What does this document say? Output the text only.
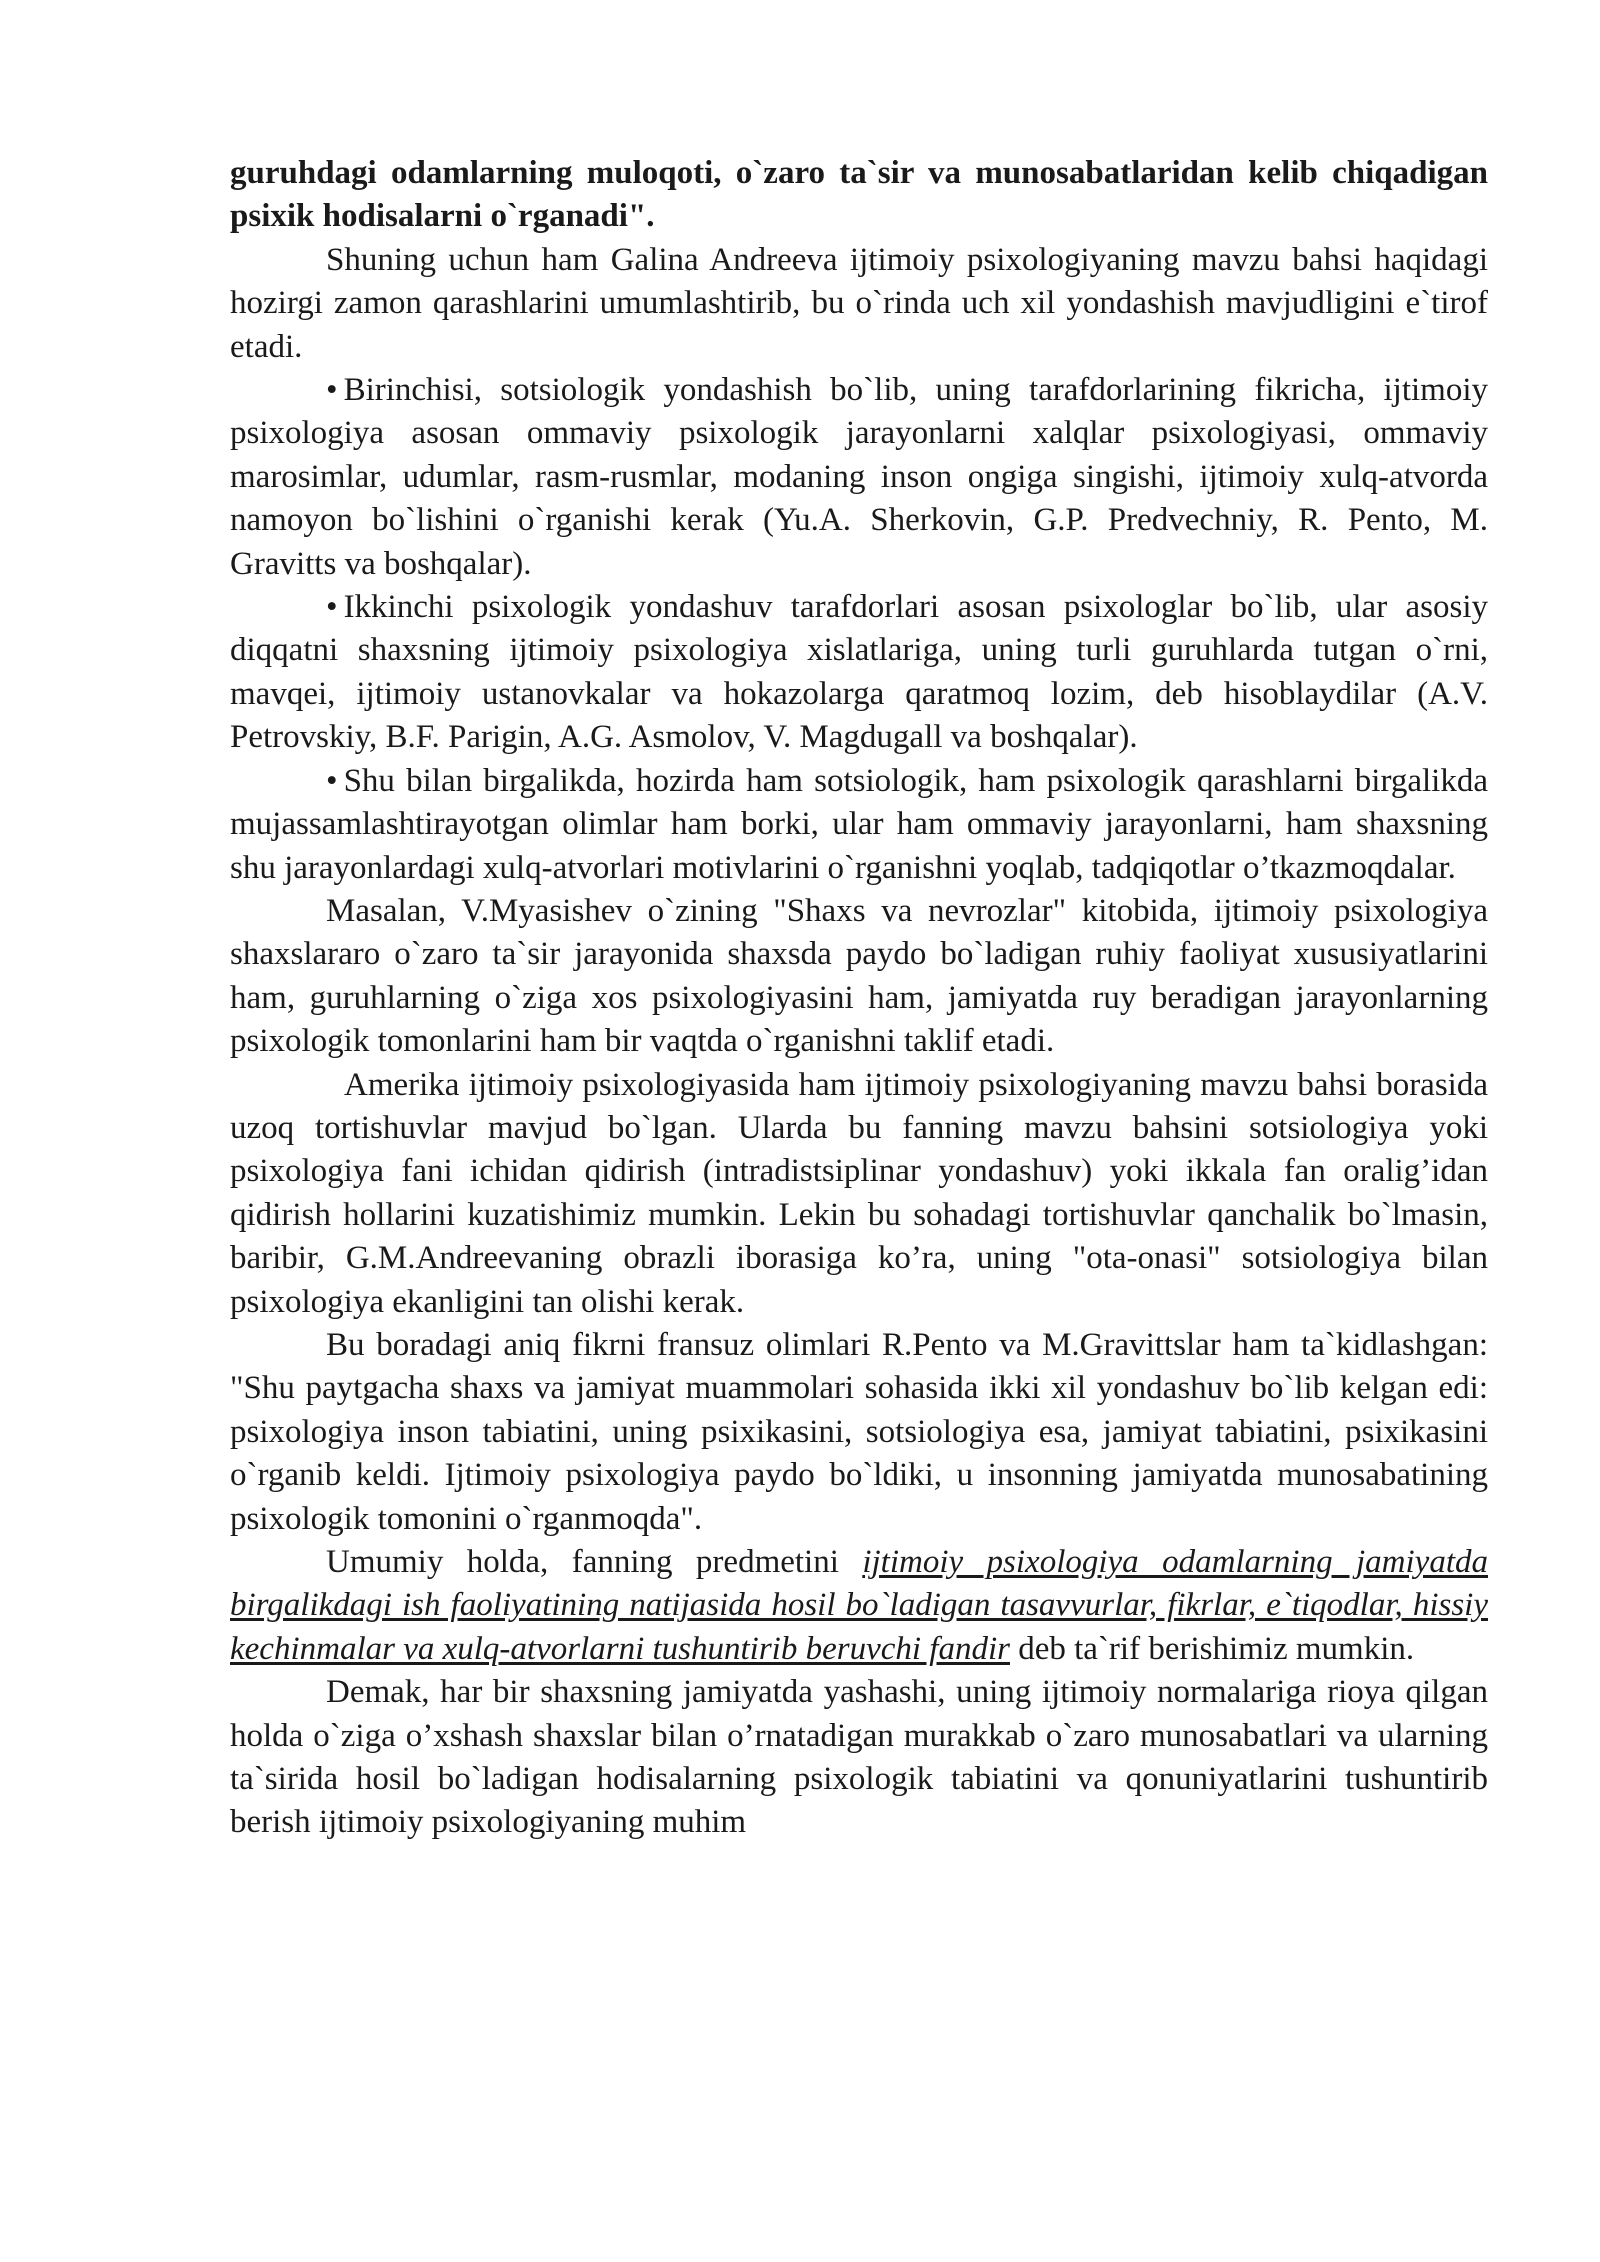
guruhdagi odamlarning muloqoti, o`zaro ta`sir va munosabatlaridan kelib chiqadigan psixik hodisalarni o`rganadi".

Shuning uchun ham Galina Andreeva ijtimoiy psixologiyaning mavzu bahsi haqidagi hozirgi zamon qarashlarini umumlashtirib, bu o`rinda uch xil yondashish mavjudligini e`tirof etadi.

• Birinchisi, sotsiologik yondashish bo`lib, uning tarafdorlarining fikricha, ijtimoiy psixologiya asosan ommaviy psixologik jarayonlarni xalqlar psixologiyasi, ommaviy marosimlar, udumlar, rasm-rusmlar, modaning inson ongiga singishi, ijtimoiy xulq-atvorda namoyon bo`lishini o`rganishi kerak (Yu.A. Sherkovin, G.P. Predvechniy, R. Pento, M. Gravitts va boshqalar).

• Ikkinchi psixologik yondashuv tarafdorlari asosan psixologlar bo`lib, ular asosiy diqqatni shaxsning ijtimoiy psixologiya xislatlariga, uning turli guruhlarda tutgan o`rni, mavqei, ijtimoiy ustanovkalar va hokazolarga qaratmoq lozim, deb hisoblaydilar (A.V. Petrovskiy, B.F. Parigin, A.G. Asmolov, V. Magdugall va boshqalar).

• Shu bilan birgalikda, hozirda ham sotsiologik, ham psixologik qarashlarni birgalikda mujassamlashtirayotgan olimlar ham borki, ular ham ommaviy jarayonlarni, ham shaxsning shu jarayonlardagi xulq-atvorlari motivlarini o`rganishni yoqlab, tadqiqotlar o’tkazmoqdalar.

Masalan, V.Myasishev o`zining "Shaxs va nevrozlar" kitobida, ijtimoiy psixologiya shaxslararo o`zaro ta`sir jarayonida shaxsda paydo bo`ladigan ruhiy faoliyat xususiyatlarini ham, guruhlarning o`ziga xos psixologiyasini ham, jamiyatda ruy beradigan jarayonlarning psixologik tomonlarini ham bir vaqtda o`rganishni taklif etadi.

Amerika ijtimoiy psixologiyasida ham ijtimoiy psixologiyaning mavzu bahsi borasida uzoq tortishuvlar mavjud bo`lgan. Ularda bu fanning mavzu bahsini sotsiologiya yoki psixologiya fani ichidan qidirish (intradistsiplinar yondashuv) yoki ikkala fan oralig’idan qidirish hollarini kuzatishimiz mumkin. Lekin bu sohadagi tortishuvlar qanchalik bo`lmasin, baribir, G.M.Andreevaning obrazli iborasiga ko’ra, uning "ota-onasi" sotsiologiya bilan psixologiya ekanligini tan olishi kerak.

Bu boradagi aniq fikrni fransuz olimlari R.Pento va M.Gravittslar ham ta`kidlashgan: "Shu paytgacha shaxs va jamiyat muammolari sohasida ikki xil yondashuv bo`lib kelgan edi: psixologiya inson tabiatini, uning psixikasini, sotsiologiya esa, jamiyat tabiatini, psixikasini o`rganib keldi. Ijtimoiy psixologiya paydo bo`ldiki, u insonning jamiyatda munosabatining psixologik tomonini o`rganmoqda".

Umumiy holda, fanning predmetini ijtimoiy psixologiya odamlarning jamiyatda birgalikdagi ish faoliyatining natijasida hosil bo`ladigan tasavvurlar, fikrlar, e`tiqodlar, hissiy kechinmalar va xulq-atvorlarni tushuntirib beruvchi fandir deb ta`rif berishimiz mumkin.

Demak, har bir shaxsning jamiyatda yashashi, uning ijtimoiy normalariga rioya qilgan holda o`ziga o’xshash shaxslar bilan o’rnatadigan murakkab o`zaro munosabatlari va ularning ta`sirida hosil bo`ladigan hodisalarning psixologik tabiatini va qonuniyatlarini tushuntirib berish ijtimoiy psixologiyaning muhim
